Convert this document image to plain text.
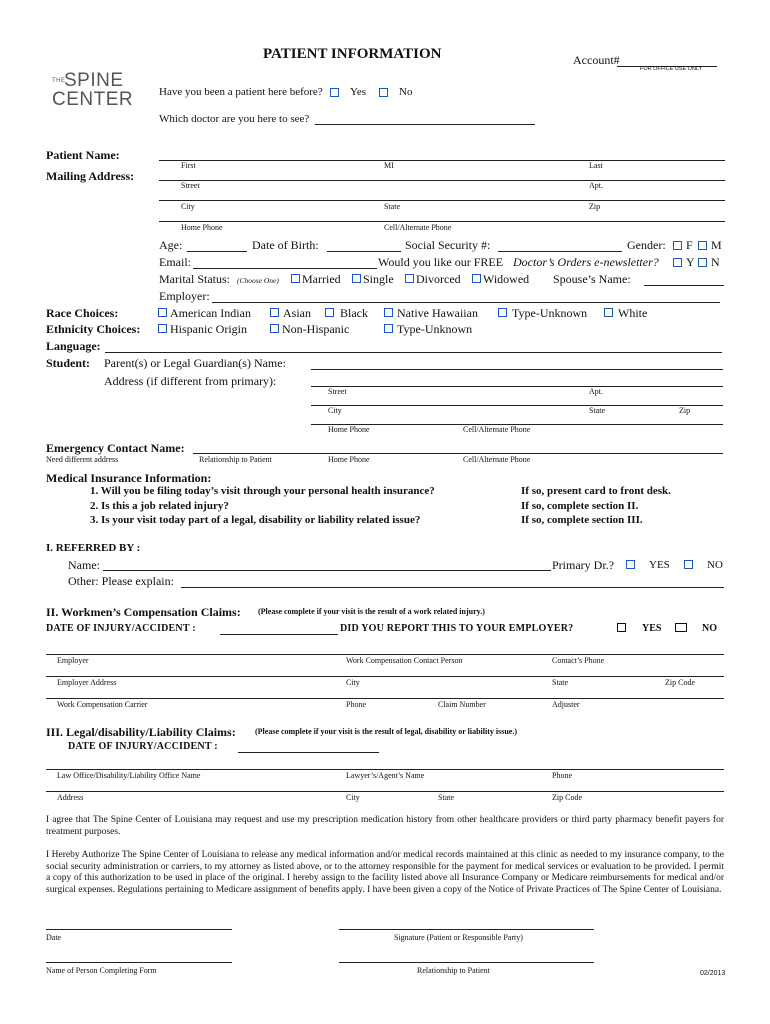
THE
SPINE
CENTER
PATIENT INFORMATION	Account#
FOR OFFICE USE ONLY
Have you been a patient here before? Yes	No
Which doctor are you here to see?
Patient Name:
First	MI	Last
Mailing Address:
Street	Apt.
City	State	Zip
Home Phone	Cell/Alternate Phone
Age:	Date of Birth:	Social Security #:	Gender: F M
Email:	Would you like our FREE Doctor’s Orders e-newsletter? Y N
Marital Status: (Choose One) Married Single Divorced Widowed Spouse’s Name:
Employer:
Race Choices:	American Indian	Asian Black Native Hawaiian	Type-Unknown	White
Ethnicity Choices: Hispanic Origin	Non-Hispanic	Type-Unknown
Language:
Student: Parent(s) or Legal Guardian(s) Name:
Address (if different from primary):
Street	Apt.
City	State	Zip
Home Phone	Cell/Alternate Phone
Emergency Contact Name:
Need different address	Relationship to Patient	Home Phone	Cell/Alternate Phone
Medical Insurance Information:
1. Will you be filing today’s visit through your personal health insurance?
2. Is this a job related injury?
3. Is your visit today part of a legal, disability or liability related issue?
If so, present card to front desk.
If so, complete section II.
If so, complete section III.
I. REFERRED BY :
Name:	Primary Dr.?	YES	NO
Other: Please explain:
II. Workmen’s Compensation Claims: (Please complete if your visit is the result of a work related injury.)
DATE OF INJURY/ACCIDENT :	DID YOU REPORT THIS TO YOUR EMPLOYER?	YES	NO
Employer	Work Compensation Contact Person	Contact’s Phone
Employer Address	City	State	Zip Code
Work Compensation Carrier	Phone	Claim Number	Adjuster
III. Legal/disability/Liability Claims: (Please complete if your visit is the result of legal, disability or liability issue.)
DATE OF INJURY/ACCIDENT :
Law Office/Disability/Liability Office Name	Lawyer’s/Agent’s Name	Phone
Address	City	State	Zip Code
I agree that The Spine Center of Louisiana may request and use my prescription medication history from other healthcare providers or third party pharmacy benefit payers for treatment purposes.
I Hereby Authorize The Spine Center of Louisiana to release any medical information and/or medical records maintained at this clinic as needed to my insurance company, to the social security administration or carriers, to my attorney as listed above, or to the attorney responsible for the payment for medical services or evaluation to be provided. I permit a copy of this authorization to be used in place of the original. I hereby assign to the facility listed above all Insurance Company or Medicare reimbursements for medical and/or surgical expenses. Regulations pertaining to Medicare assignment of benefits apply. I have been given a copy of the Notice of Private Practices of The Spine Center of Louisiana.
Date	Signature (Patient or Responsible Party)
Name of Person Completing Form	Relationship to Patient	02/2013
